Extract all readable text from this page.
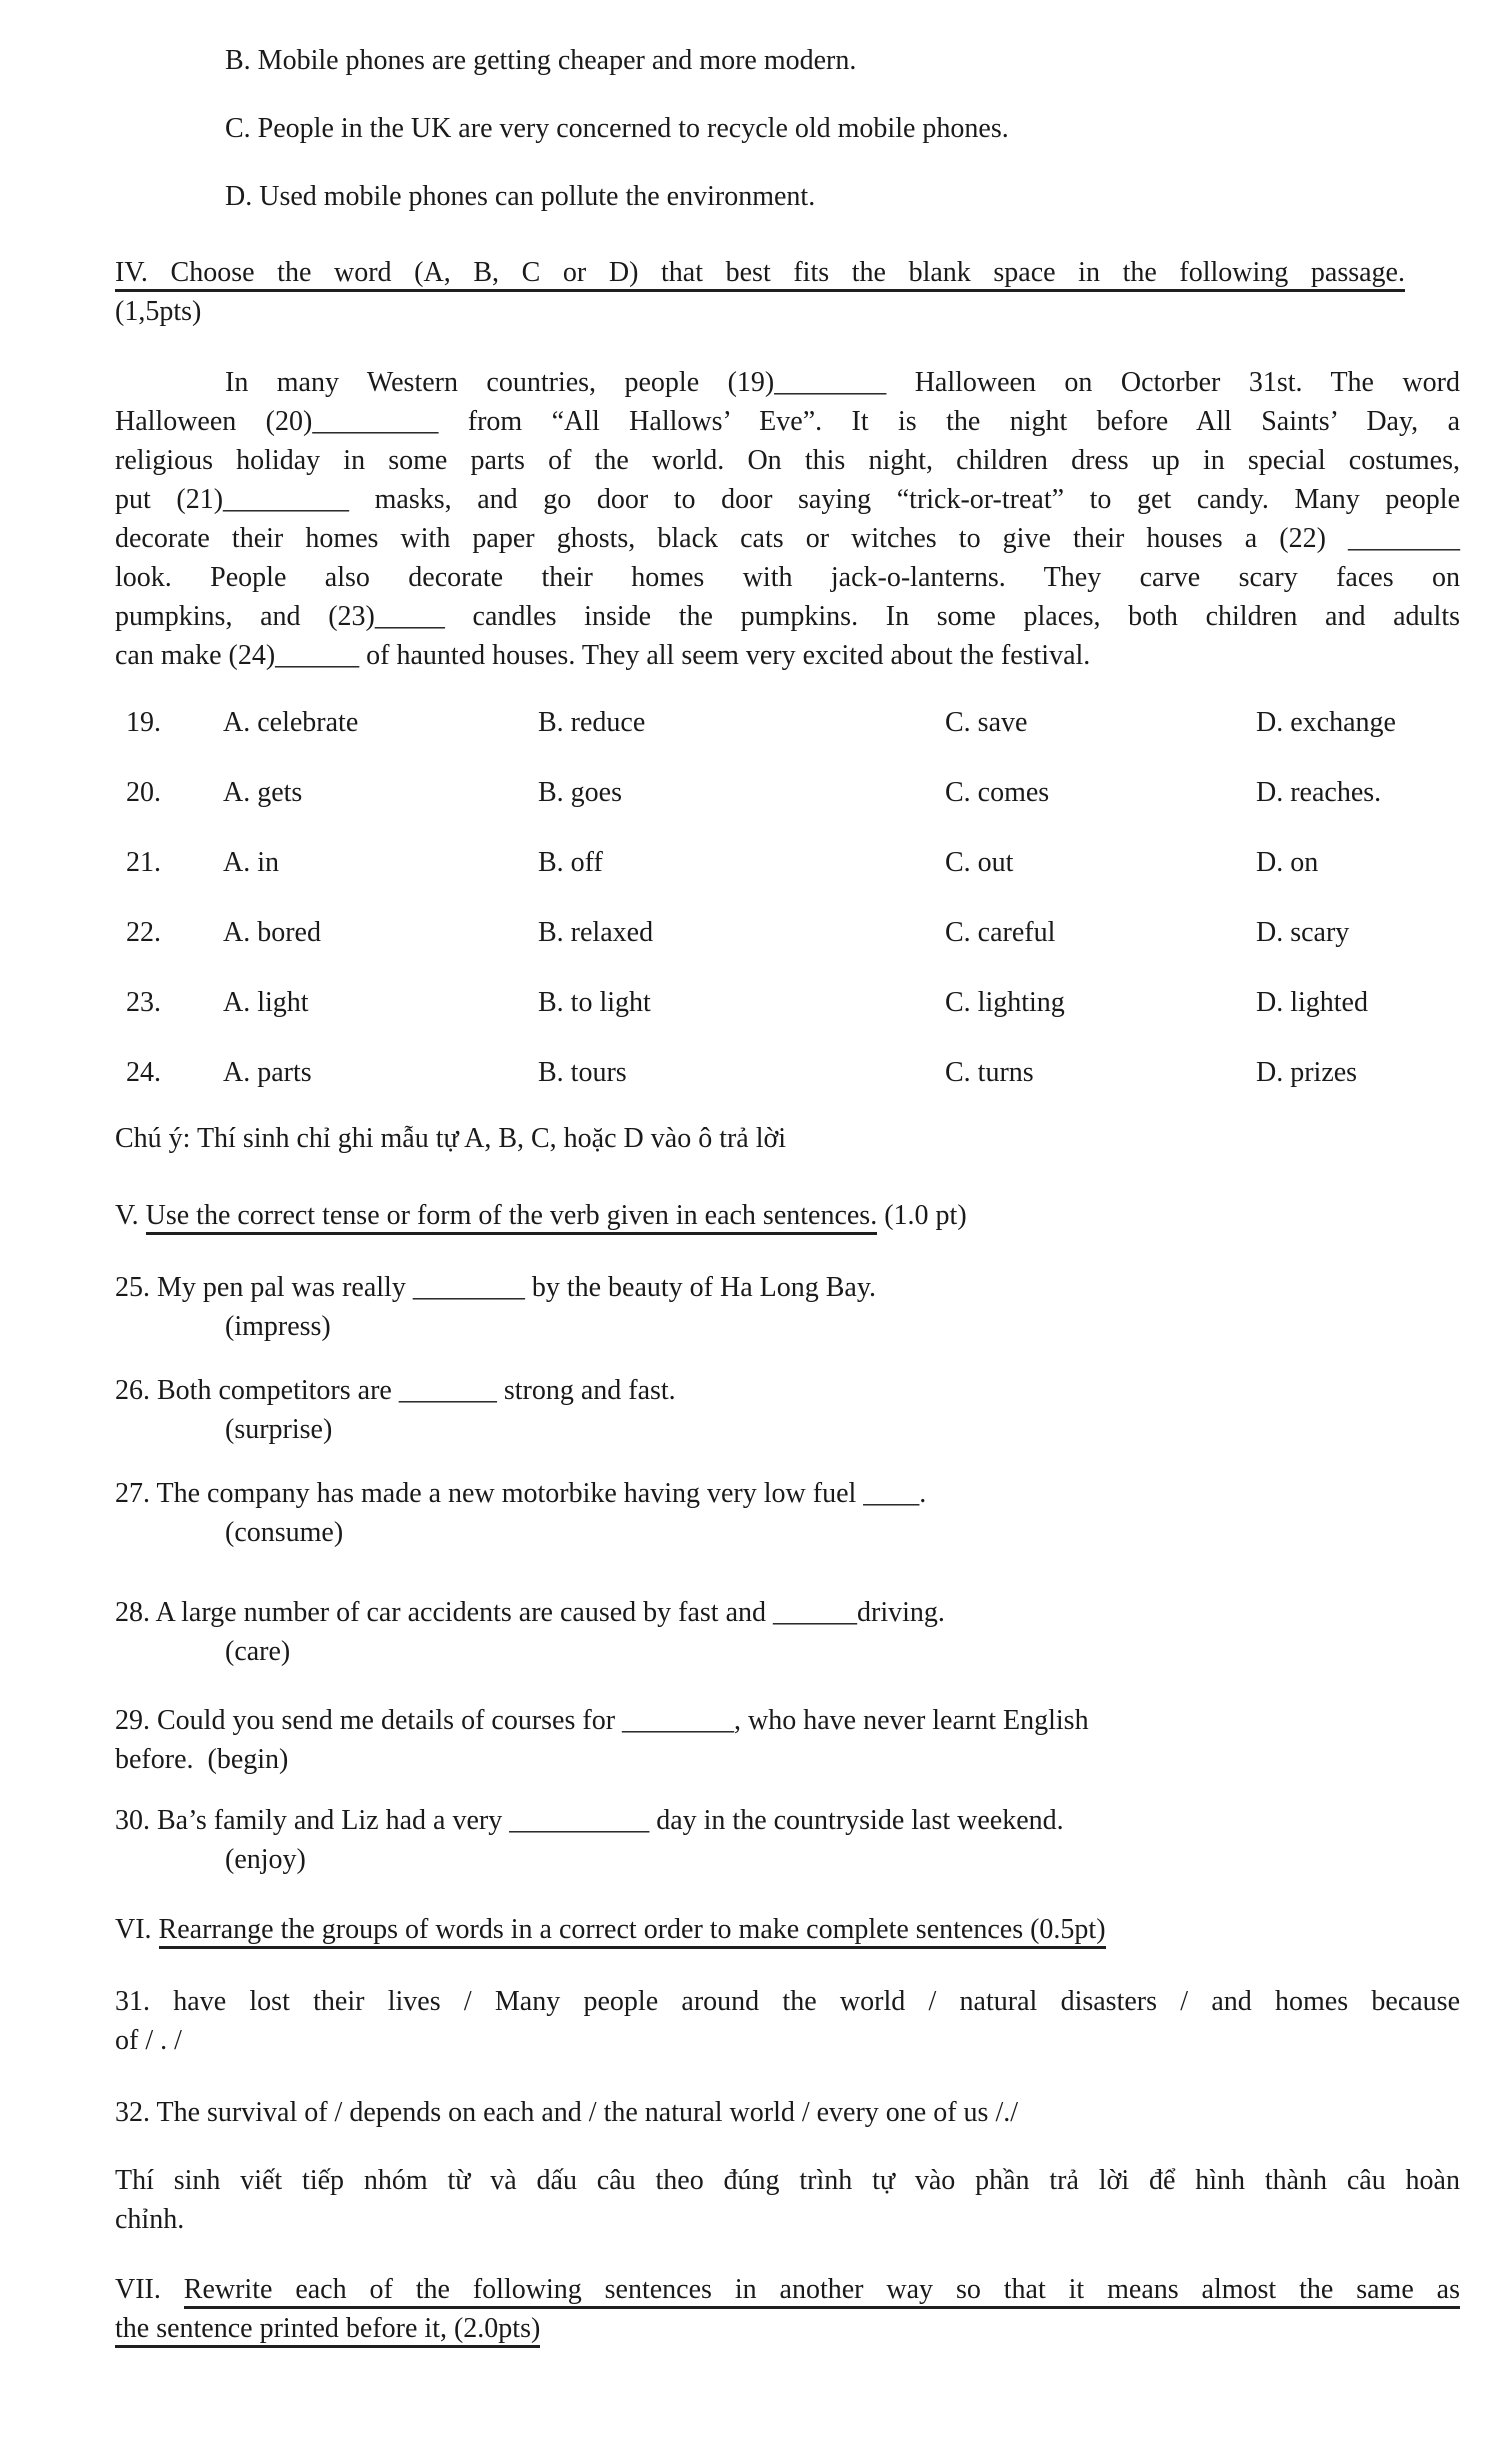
B. Mobile phones are getting cheaper and more modern.
C. People in the UK are very concerned to recycle old mobile phones.
D. Used mobile phones can pollute the environment.
IV. Choose the word (A, B, C or D) that best fits the blank space in the following passage.
(1,5pts)
In many Western countries, people (19)________ Halloween on Octorber 31st. The word
Halloween (20)_________ from “All Hallows’ Eve”. It is the night before All Saints’ Day, a
religious holiday in some parts of the world. On this night, children dress up in special costumes,
put (21)_________ masks, and go door to door saying “trick-or-treat” to get candy. Many people
decorate their homes with paper ghosts, black cats or witches to give their houses a (22) ________
look. People also decorate their homes with jack-o-lanterns. They carve scary faces on
pumpkins, and (23)_____ candles inside the pumpkins. In some places, both children and adults
can make (24)______ of haunted houses. They all seem very excited about the festival.
19.	A. celebrate	B. reduce	C. save	D. exchange
20.	A. gets	B. goes	C. comes	D. reaches.
21.	A. in	B. off	C. out	D. on
22.	A. bored	B. relaxed	C. careful	D. scary
23.	A. light	B. to light	C. lighting	D. lighted
24.	A. parts	B. tours	C. turns	D. prizes
Chú ý: Thí sinh chỉ ghi mẫu tự A, B, C, hoặc D vào ô trả lời
V. Use the correct tense or form of the verb given in each sentences. (1.0 pt)
25. My pen pal was really ________ by the beauty of Ha Long Bay.
(impress)
26. Both competitors are _______ strong and fast.
(surprise)
27. The company has made a new motorbike having very low fuel ____.
(consume)
28. A large number of car accidents are caused by fast and ______driving.
(care)
29. Could you send me details of courses for ________, who have never learnt English
before.  (begin)
30. Ba’s family and Liz had a very __________ day in the countryside last weekend.
(enjoy)
VI. Rearrange the groups of words in a correct order to make complete sentences (0.5pt)
31. have lost their lives / Many people around the world / natural disasters / and homes because
of / . /
32. The survival of / depends on each and / the natural world / every one of us /./
Thí sinh viết tiếp nhóm từ và dấu câu theo đúng trình tự vào phần trả lời để hình thành câu hoàn
chỉnh.
VII. Rewrite each of the following sentences in another way so that it means almost the same as
the sentence printed before it, (2.0pts)
